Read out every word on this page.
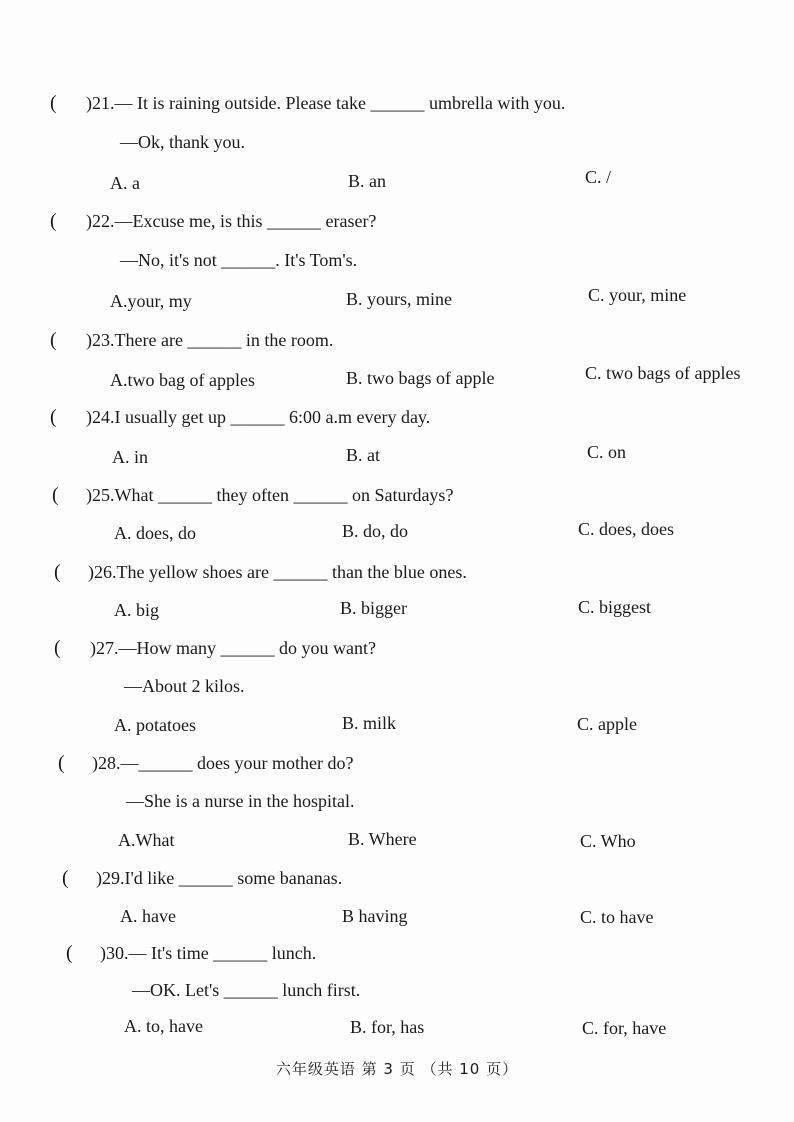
( )21.— It is raining outside. Please take ______ umbrella with you.
—Ok, thank you.
A. a	B. an	C. /
( )22.—Excuse me, is this ______ eraser?
—No, it's not ______. It's Tom's.
A.your, my	B. yours, mine	C. your, mine
( )23.There are ______ in the room.
A.two bag of apples	B. two bags of apple	C. two bags of apples
( )24.I usually get up ______ 6:00 a.m every day.
A. in	B. at	C. on
( )25.What ______ they often ______ on Saturdays?
A. does, do	B. do, do	C. does, does
( )26.The yellow shoes are ______ than the blue ones.
A. big	B. bigger	C. biggest
( )27.—How many ______ do you want?
—About 2 kilos.
A. potatoes	B. milk	C. apple
( )28.—______ does your mother do?
—She is a nurse in the hospital.
A.What	B. Where	C. Who
( )29.I'd like ______ some bananas.
A. have	B having	C. to have
( )30.— It's time ______ lunch.
—OK. Let's ______ lunch first.
A. to, have	B. for, has	C. for, have
六年级英语 第 3 页 （共 10 页）
